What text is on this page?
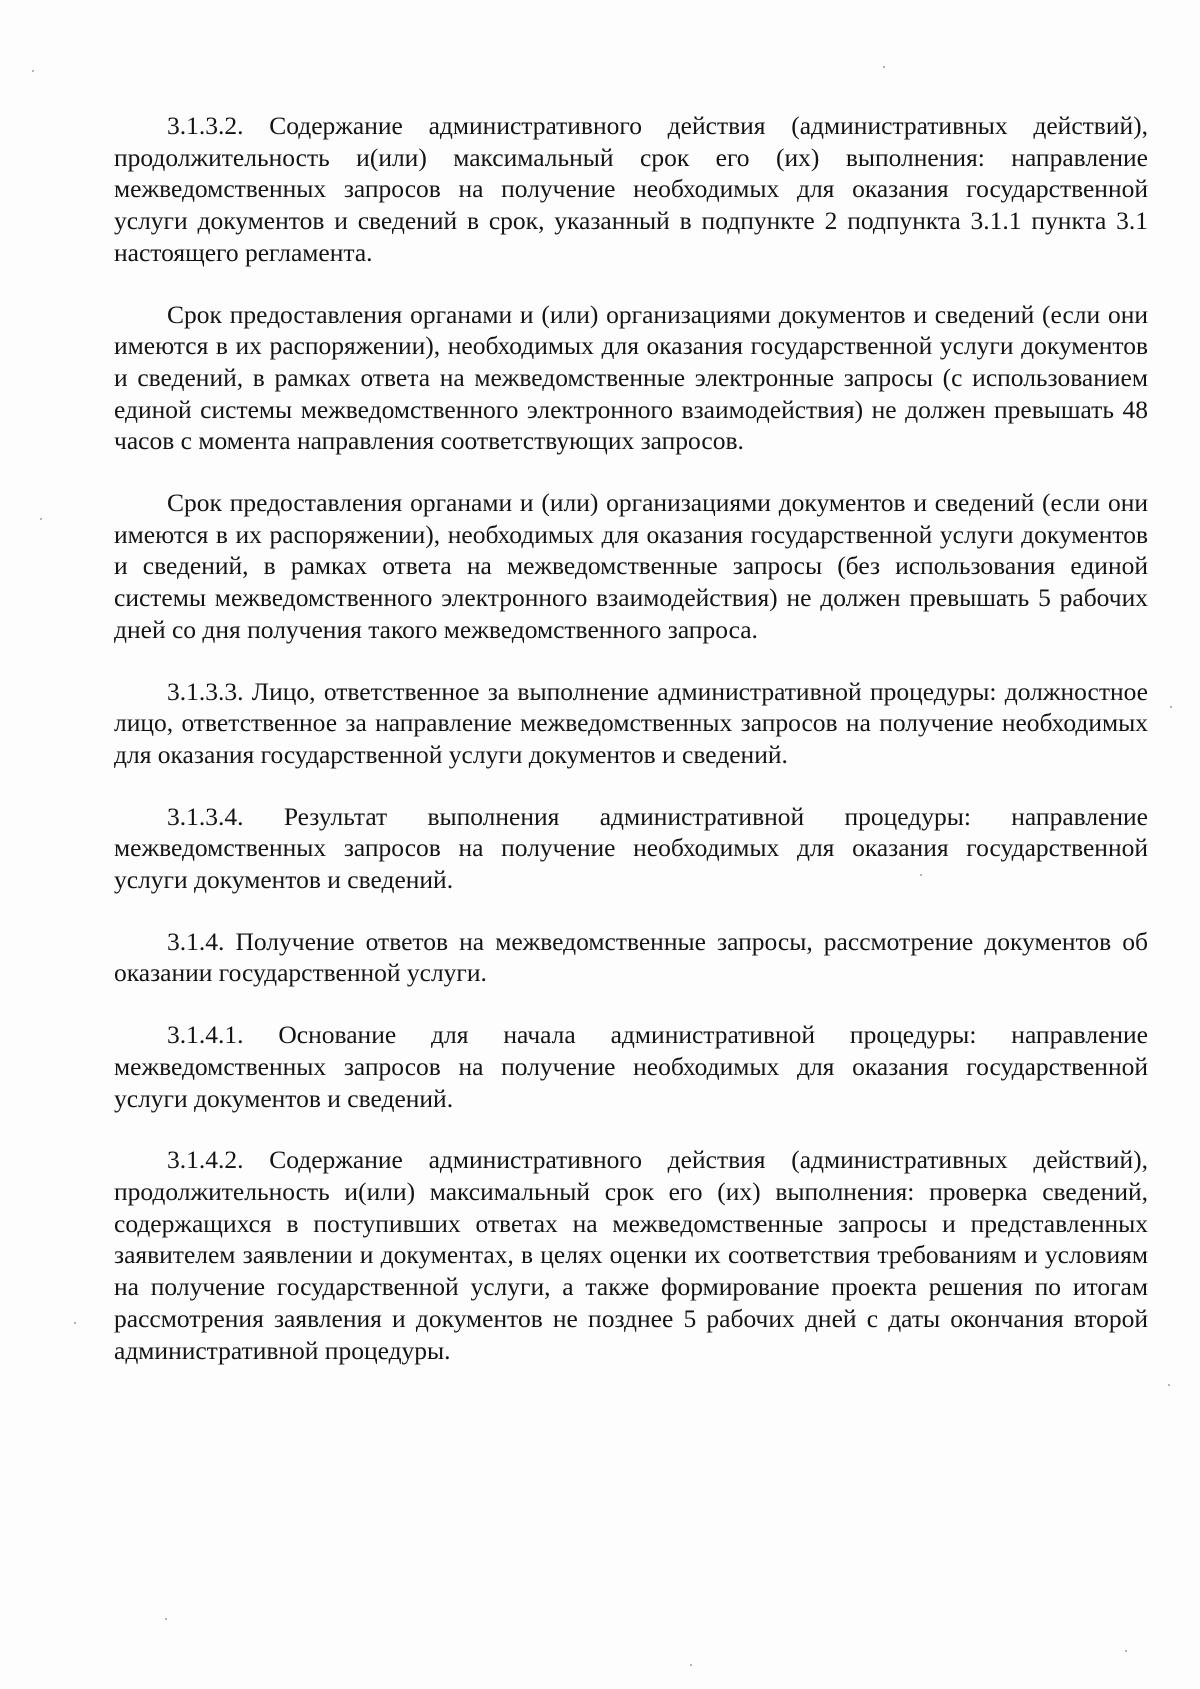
3.1.3.2. Содержание административного действия (административных действий), продолжительность и(или) максимальный срок его (их) выполнения: направление межведомственных запросов на получение необходимых для оказания государственной услуги документов и сведений в срок, указанный в подпункте 2 подпункта 3.1.1 пункта 3.1 настоящего регламента.

Срок предоставления органами и (или) организациями документов и сведений (если они имеются в их распоряжении), необходимых для оказания государственной услуги документов и сведений, в рамках ответа на межведомственные электронные запросы (с использованием единой системы межведомственного электронного взаимодействия) не должен превышать 48 часов с момента направления соответствующих запросов.

Срок предоставления органами и (или) организациями документов и сведений (если они имеются в их распоряжении), необходимых для оказания государственной услуги документов и сведений, в рамках ответа на межведомственные запросы (без использования единой системы межведомственного электронного взаимодействия) не должен превышать 5 рабочих дней со дня получения такого межведомственного запроса.

3.1.3.3. Лицо, ответственное за выполнение административной процедуры: должностное лицо, ответственное за направление межведомственных запросов на получение необходимых для оказания государственной услуги документов и сведений.

3.1.3.4. Результат выполнения административной процедуры: направление межведомственных запросов на получение необходимых для оказания государственной услуги документов и сведений.

3.1.4. Получение ответов на межведомственные запросы, рассмотрение документов об оказании государственной услуги.

3.1.4.1. Основание для начала административной процедуры: направление межведомственных запросов на получение необходимых для оказания государственной услуги документов и сведений.

3.1.4.2. Содержание административного действия (административных действий), продолжительность и(или) максимальный срок его (их) выполнения: проверка сведений, содержащихся в поступивших ответах на межведомственные запросы и представленных заявителем заявлении и документах, в целях оценки их соответствия требованиям и условиям на получение государственной услуги, а также формирование проекта решения по итогам рассмотрения заявления и документов не позднее 5 рабочих дней с даты окончания второй административной процедуры.
